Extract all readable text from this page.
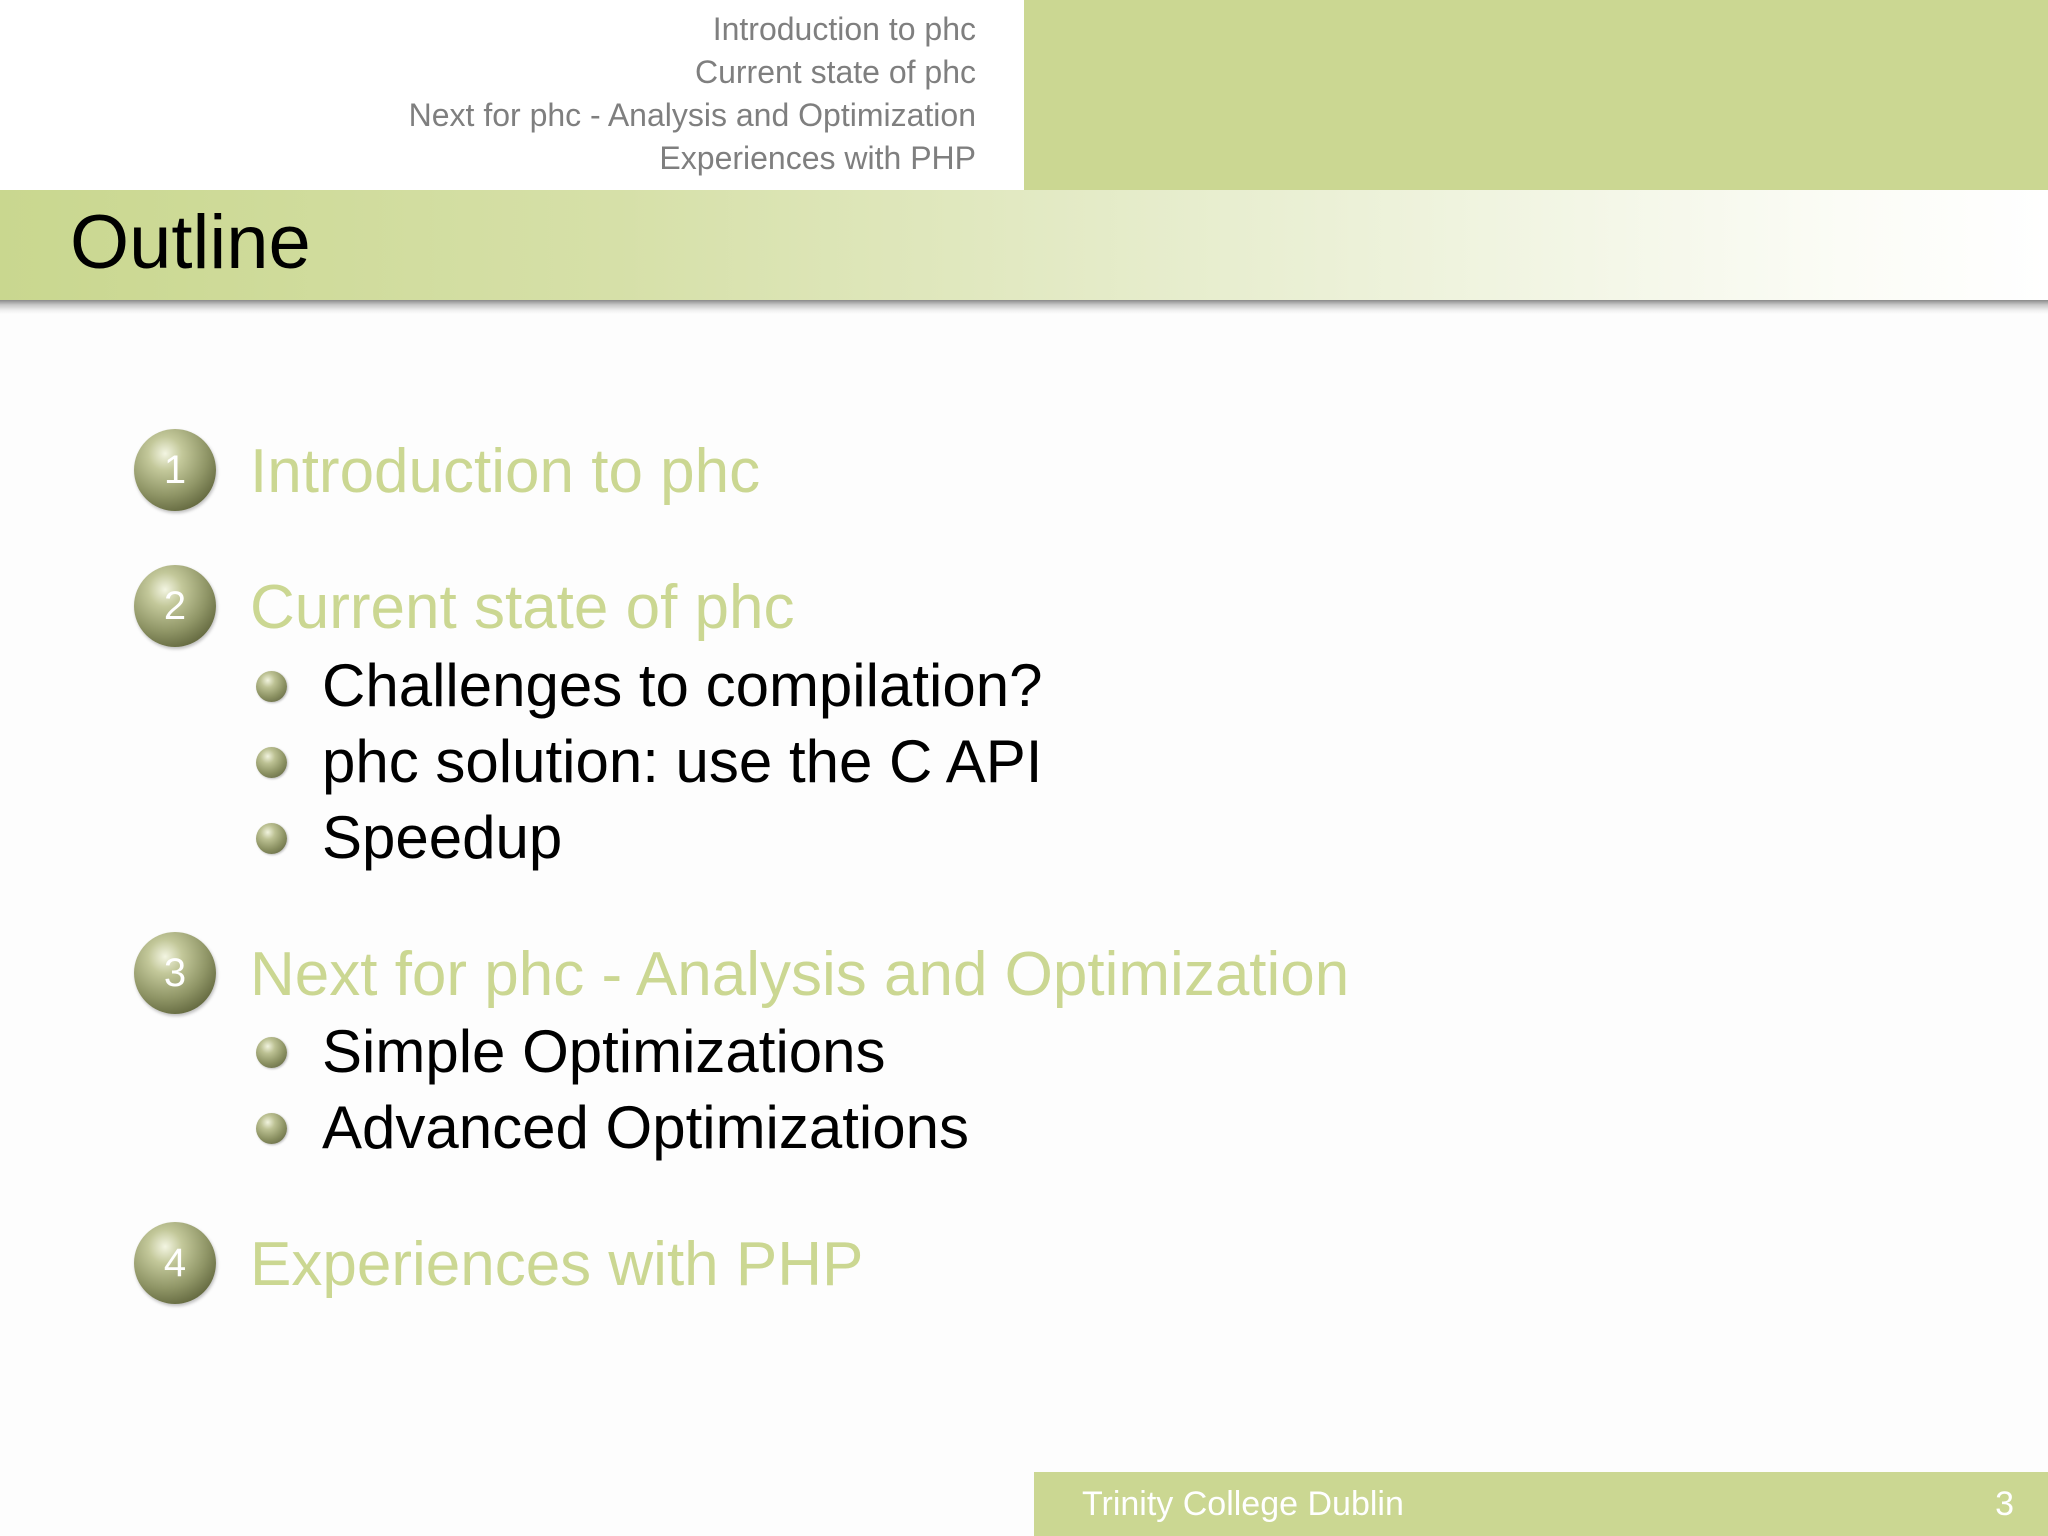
Introduction to phc
Current state of phc
Next for phc - Analysis and Optimization
Experiences with PHP
Outline
1	Introduction to phc
2	Current state of phc
Challenges to compilation?
phc solution: use the C API
Speedup
3	Next for phc - Analysis and Optimization
Simple Optimizations
Advanced Optimizations
4	Experiences with PHP
Trinity College Dublin	3
